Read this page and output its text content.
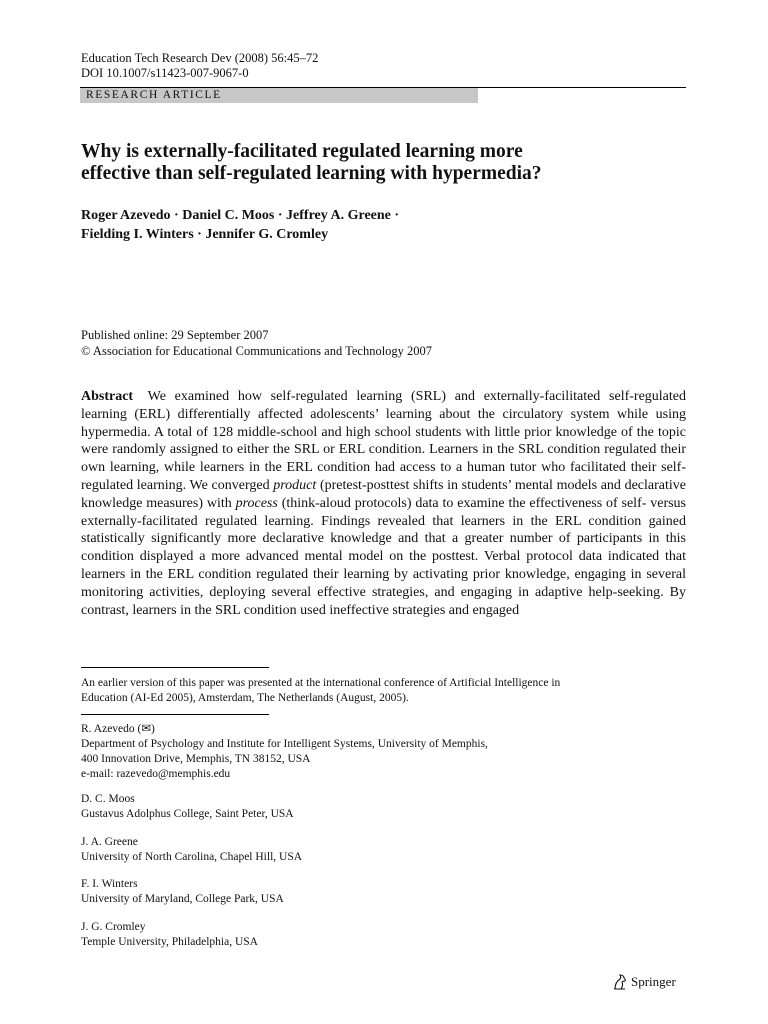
Education Tech Research Dev (2008) 56:45–72
DOI 10.1007/s11423-007-9067-0
RESEARCH ARTICLE
Why is externally-facilitated regulated learning more
effective than self-regulated learning with hypermedia?
Roger Azevedo · Daniel C. Moos · Jeffrey A. Greene ·
Fielding I. Winters · Jennifer G. Cromley
Published online: 29 September 2007
© Association for Educational Communications and Technology 2007
Abstract We examined how self-regulated learning (SRL) and externally-facilitated self-regulated learning (ERL) differentially affected adolescents’ learning about the circulatory system while using hypermedia. A total of 128 middle-school and high school students with little prior knowledge of the topic were randomly assigned to either the SRL or ERL condition. Learners in the SRL condition regulated their own learning, while learners in the ERL condition had access to a human tutor who facilitated their self-regulated learning. We converged product (pretest-posttest shifts in students’ mental models and declarative knowledge measures) with process (think-aloud protocols) data to examine the effectiveness of self- versus externally-facilitated regulated learning. Findings revealed that learners in the ERL condition gained statistically significantly more declarative knowledge and that a greater number of participants in this condition displayed a more advanced mental model on the posttest. Verbal protocol data indicated that learners in the ERL condition regulated their learning by activating prior knowledge, engaging in several monitoring activities, deploying several effective strategies, and engaging in adaptive help-seeking. By contrast, learners in the SRL condition used ineffective strategies and engaged
An earlier version of this paper was presented at the international conference of Artificial Intelligence in
Education (AI-Ed 2005), Amsterdam, The Netherlands (August, 2005).
R. Azevedo (✉)
Department of Psychology and Institute for Intelligent Systems, University of Memphis,
400 Innovation Drive, Memphis, TN 38152, USA
e-mail: razevedo@memphis.edu
D. C. Moos
Gustavus Adolphus College, Saint Peter, USA
J. A. Greene
University of North Carolina, Chapel Hill, USA
F. I. Winters
University of Maryland, College Park, USA
J. G. Cromley
Temple University, Philadelphia, USA
Springer
